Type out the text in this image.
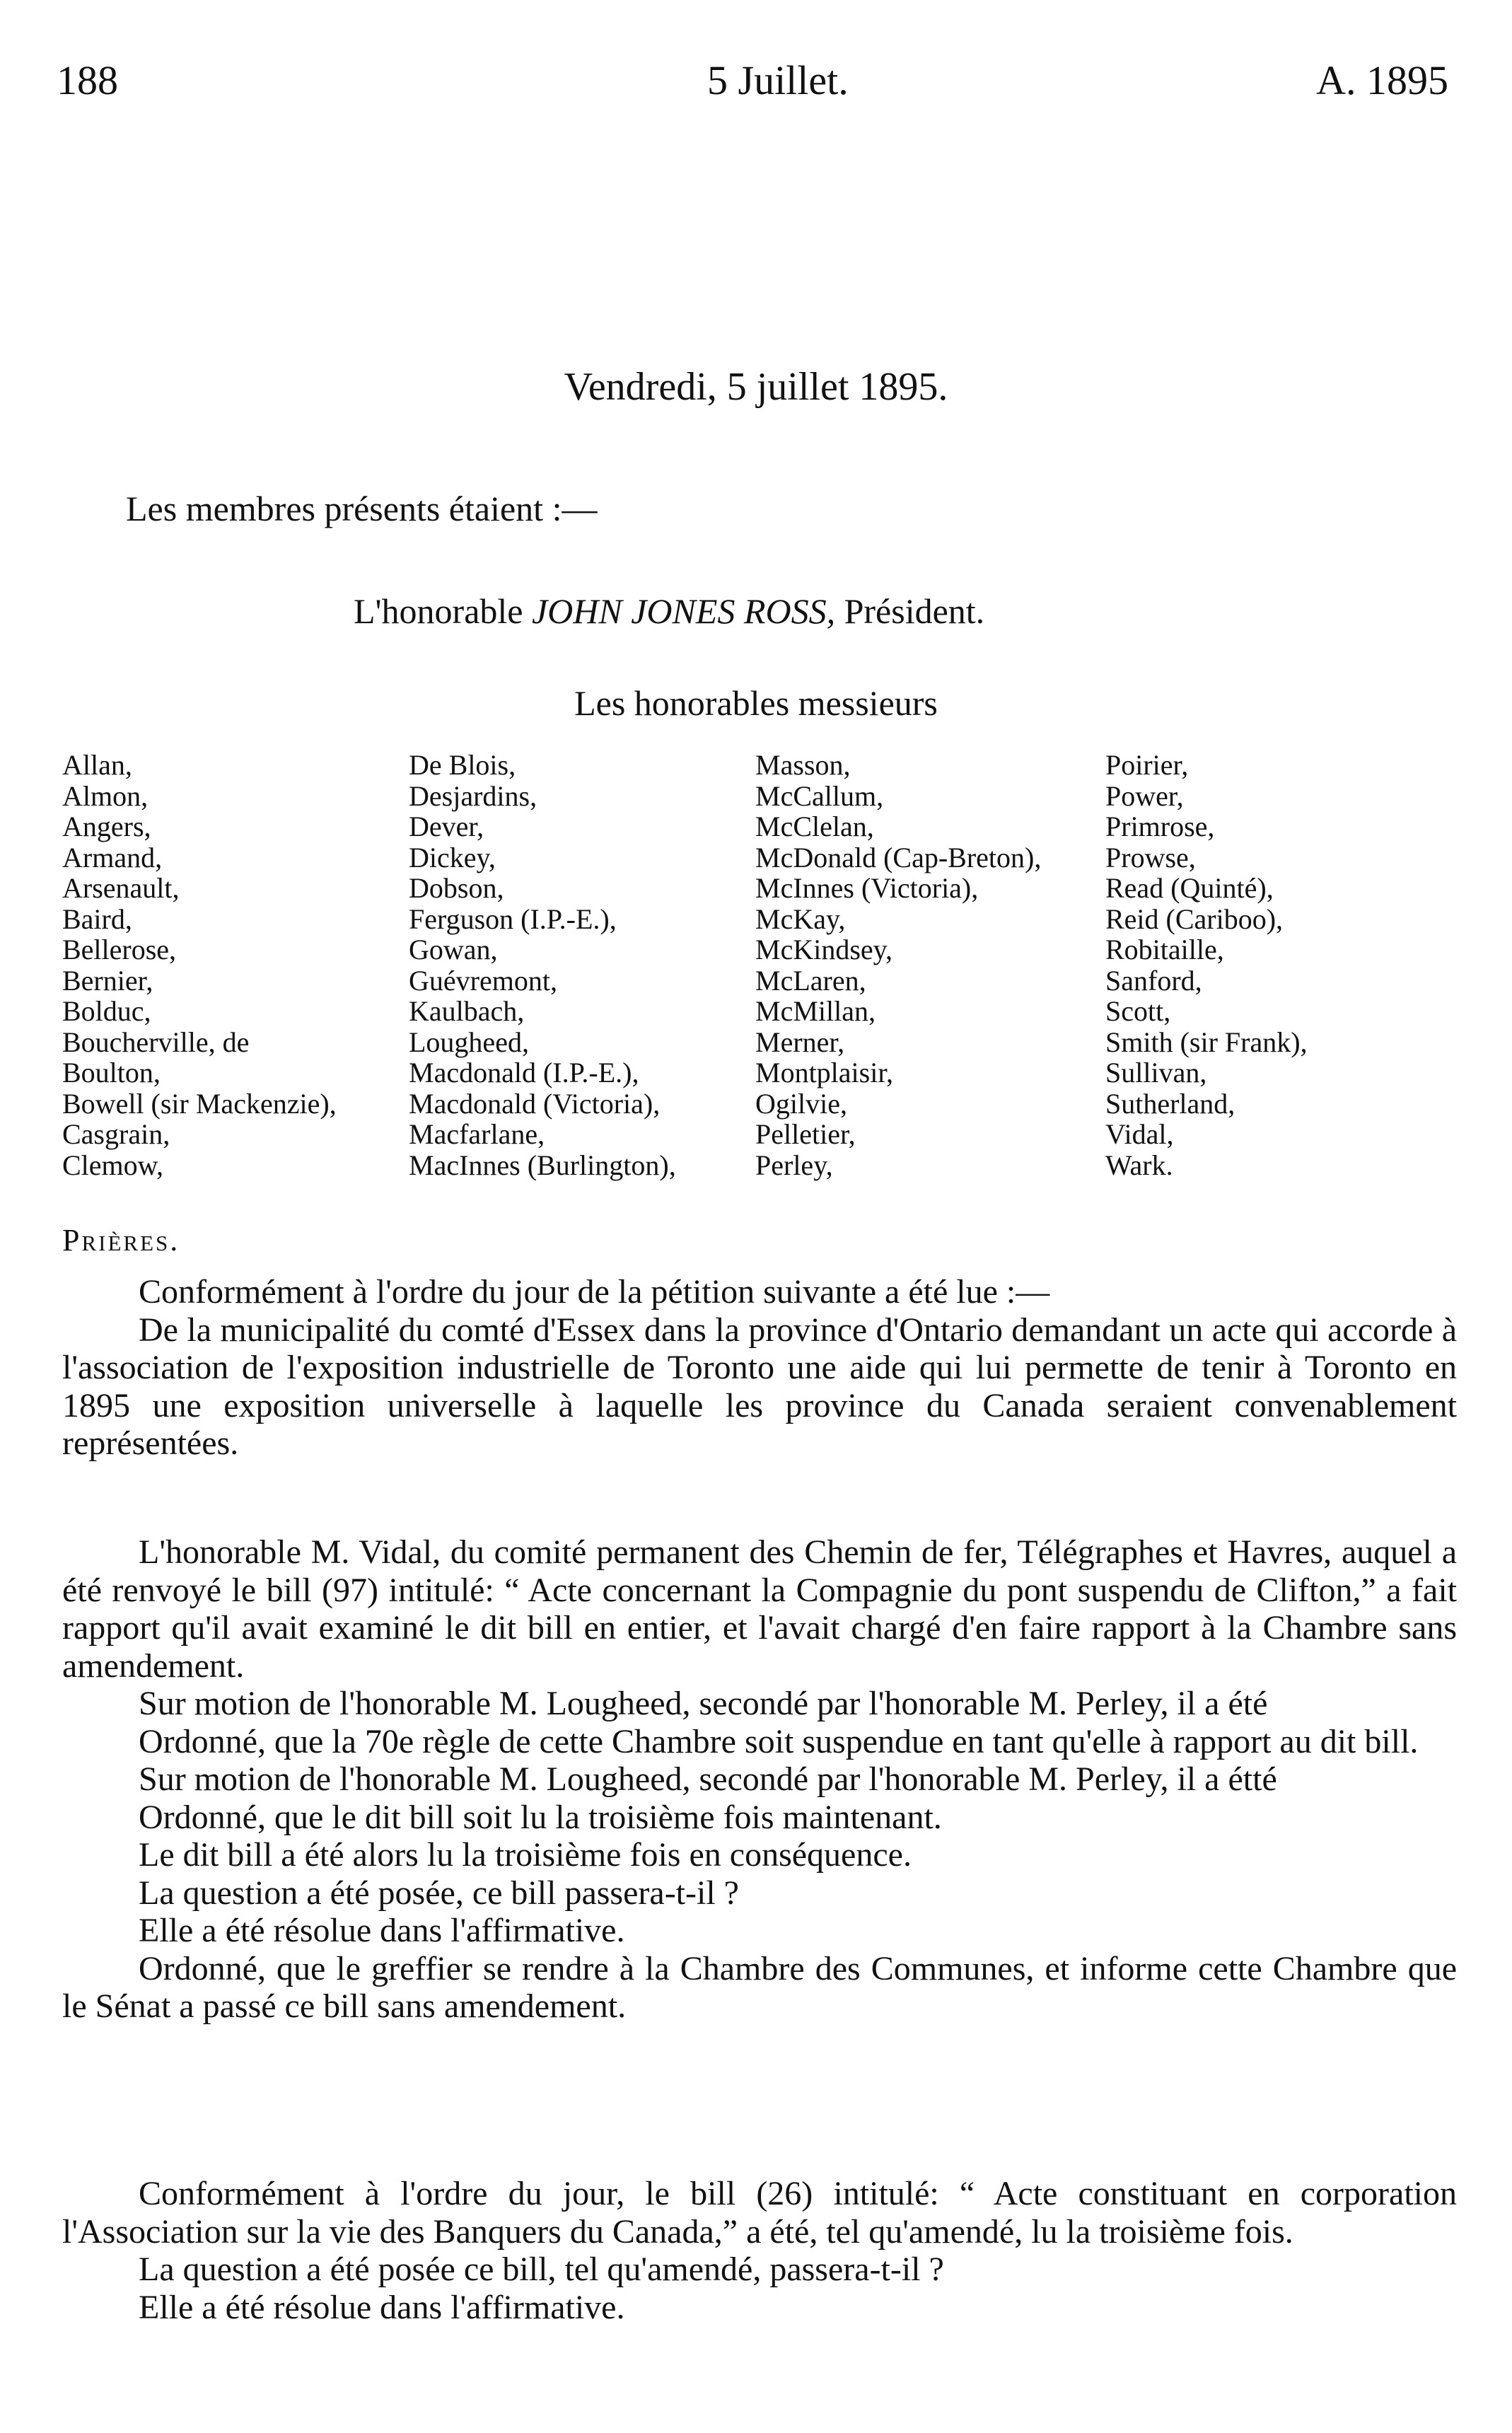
188	5 Juillet.	A. 1895
Vendredi, 5 juillet 1895.
Les membres présents étaient :—
L'honorable JOHN JONES ROSS, Président.
Les honorables messieurs
Allan,
Almon,
Angers,
Armand,
Arsenault,
Baird,
Bellerose,
Bernier,
Bolduc,
Boucherville, de
Boulton,
Bowell (sir Mackenzie),
Casgrain,
Clemow,
De Blois,
Desjardins,
Dever,
Dickey,
Dobson,
Ferguson (I.P.-E.),
Gowan,
Guévremont,
Kaulbach,
Lougheed,
Macdonald (I.P.-E.),
Macdonald (Victoria),
Macfarlane,
MacInnes (Burlington),
Masson,
McCallum,
McClelan,
McDonald (Cap-Breton),
McInnes (Victoria),
McKay,
McKindsey,
McLaren,
McMillan,
Merner,
Montplaisir,
Ogilvie,
Pelletier,
Perley,
Poirier,
Power,
Primrose,
Prowse,
Read (Quinté),
Reid (Cariboo),
Robitaille,
Sanford,
Scott,
Smith (sir Frank),
Sullivan,
Sutherland,
Vidal,
Wark.
Prières.

Conformément à l'ordre du jour de la pétition suivante a été lue :—

De la municipalité du comté d'Essex dans la province d'Ontario demandant un acte qui accorde à l'association de l'exposition industrielle de Toronto une aide qui lui permette de tenir à Toronto en 1895 une exposition universelle à laquelle les province du Canada seraient convenablement représentées.

L'honorable M. Vidal, du comité permanent des Chemin de fer, Télégraphes et Havres, auquel a été renvoyé le bill (97) intitulé: “ Acte concernant la Compagnie du pont suspendu de Clifton,” a fait rapport qu'il avait examiné le dit bill en entier, et l'avait chargé d'en faire rapport à la Chambre sans amendement.

Sur motion de l'honorable M. Lougheed, secondé par l'honorable M. Perley, il a été

Ordonné, que la 70e règle de cette Chambre soit suspendue en tant qu'elle à rapport au dit bill.

Sur motion de l'honorable M. Lougheed, secondé par l'honorable M. Perley, il a étté

Ordonné, que le dit bill soit lu la troisième fois maintenant.

Le dit bill a été alors lu la troisième fois en conséquence.

La question a été posée, ce bill passera-t-il ?

Elle a été résolue dans l'affirmative.

Ordonné, que le greffier se rendre à la Chambre des Communes, et informe cette Chambre que le Sénat a passé ce bill sans amendement.

Conformément à l'ordre du jour, le bill (26) intitulé: “ Acte constituant en corporation l'Association sur la vie des Banquers du Canada,” a été, tel qu'amendé, lu la troisième fois.

La question a été posée ce bill, tel qu'amendé, passera-t-il ?

Elle a été résolue dans l'affirmative.
